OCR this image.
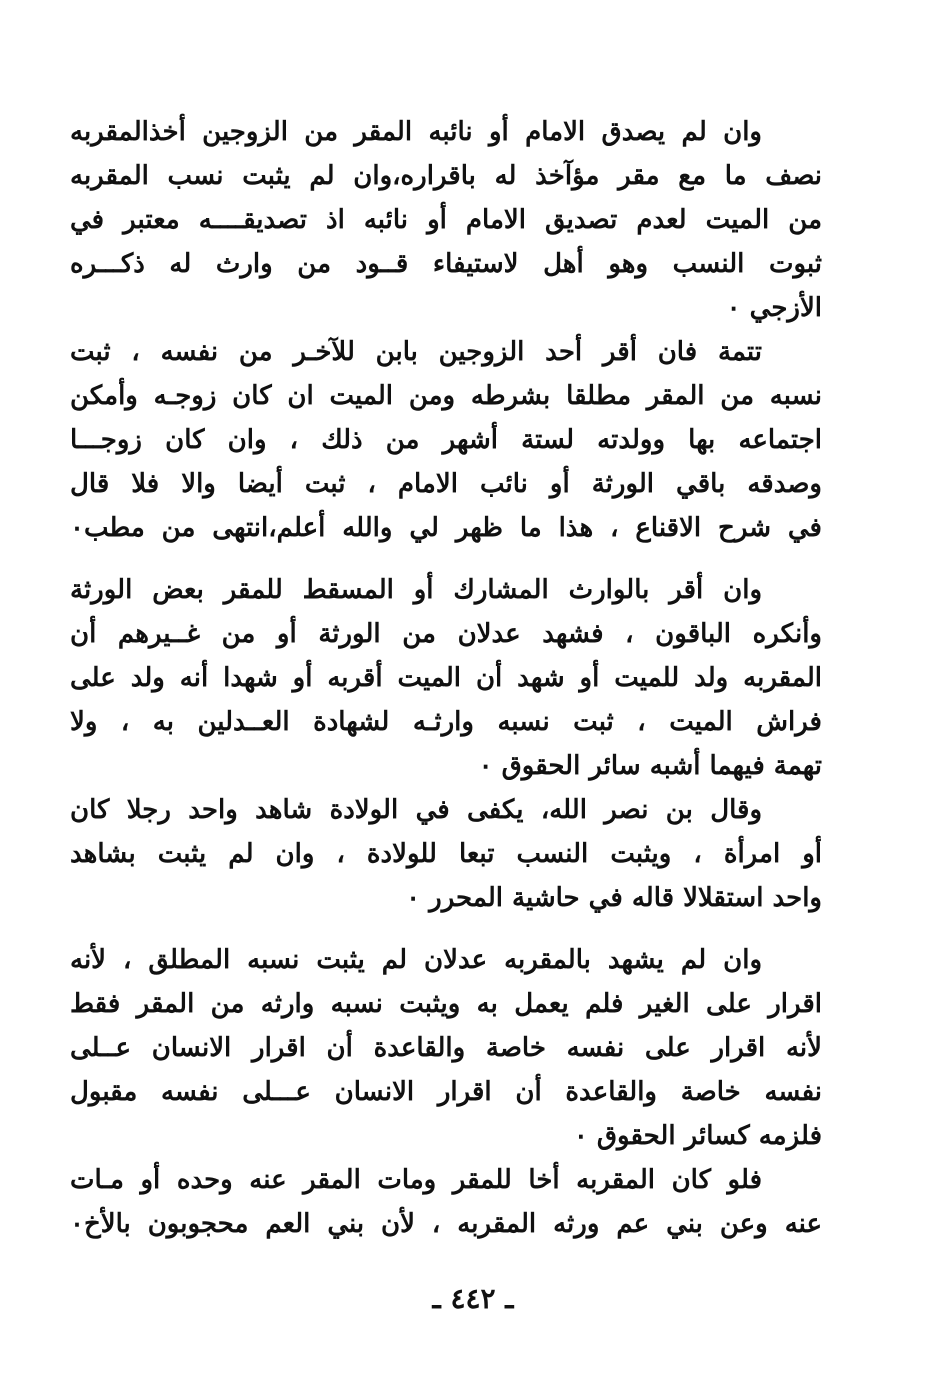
وان لم يصدق الامام أو نائبه المقر من الزوجين أخذالمقربه
نصف ما مع مقر مؤآخذ له باقراره،وان لم يثبت نسب المقربه
من الميت لعدم تصديق الامام أو نائبه اذ تصديقــــه معتبر في
ثبوت النسب وهو أهل لاستيفاء قــود من وارث له ذكـــره
الأزجي ٠
تتمة فان أقر أحد الزوجين بابن للآخـر من نفسه ، ثبت
نسبه من المقر مطلقا بشرطه ومن الميت ان كان زوجـه وأمكن
اجتماعه بها وولدته لستة أشهر من ذلك ، وان كان زوجـــا
وصدقه باقي الورثة أو نائب الامام ، ثبت أيضا والا فلا قال
في شرح الاقناع ، هذا ما ظهر لي والله أعلم،انتهى من مطب٠
وان أقر بالوارث المشارك أو المسقط للمقر بعض الورثة
وأنكره الباقون ، فشهد عدلان من الورثة أو من غــيرهم أن
المقربه ولد للميت أو شهد أن الميت أقربه أو شهدا أنه ولد على
فراش الميت ، ثبت نسبه وارثـه لشهادة العــدلين به ، ولا
تهمة فيهما أشبه سائر الحقوق ٠
وقال بن نصر الله، يكفى في الولادة شاهد واحد رجلا كان
أو امرأة ، ويثبت النسب تبعا للولادة ، وان لم يثبت بشاهد
واحد استقلالا قاله في حاشية المحرر ٠
وان لم يشهد بالمقربه عدلان لم يثبت نسبه المطلق ، لأنه
اقرار على الغير فلم يعمل به ويثبت نسبه وارثه من المقر فقط
لأنه اقرار على نفسه خاصة والقاعدة أن اقرار الانسان عــلى
نفسه خاصة والقاعدة أن اقرار الانسان عـــلى نفسه مقبول
فلزمه كسائر الحقوق ٠
فلو كان المقربه أخا للمقر ومات المقر عنه وحده أو مـات
عنه وعن بني عم ورثه المقربه ، لأن بني العم محجوبون بالأخ٠
ـ ٤٤٢ ـ
